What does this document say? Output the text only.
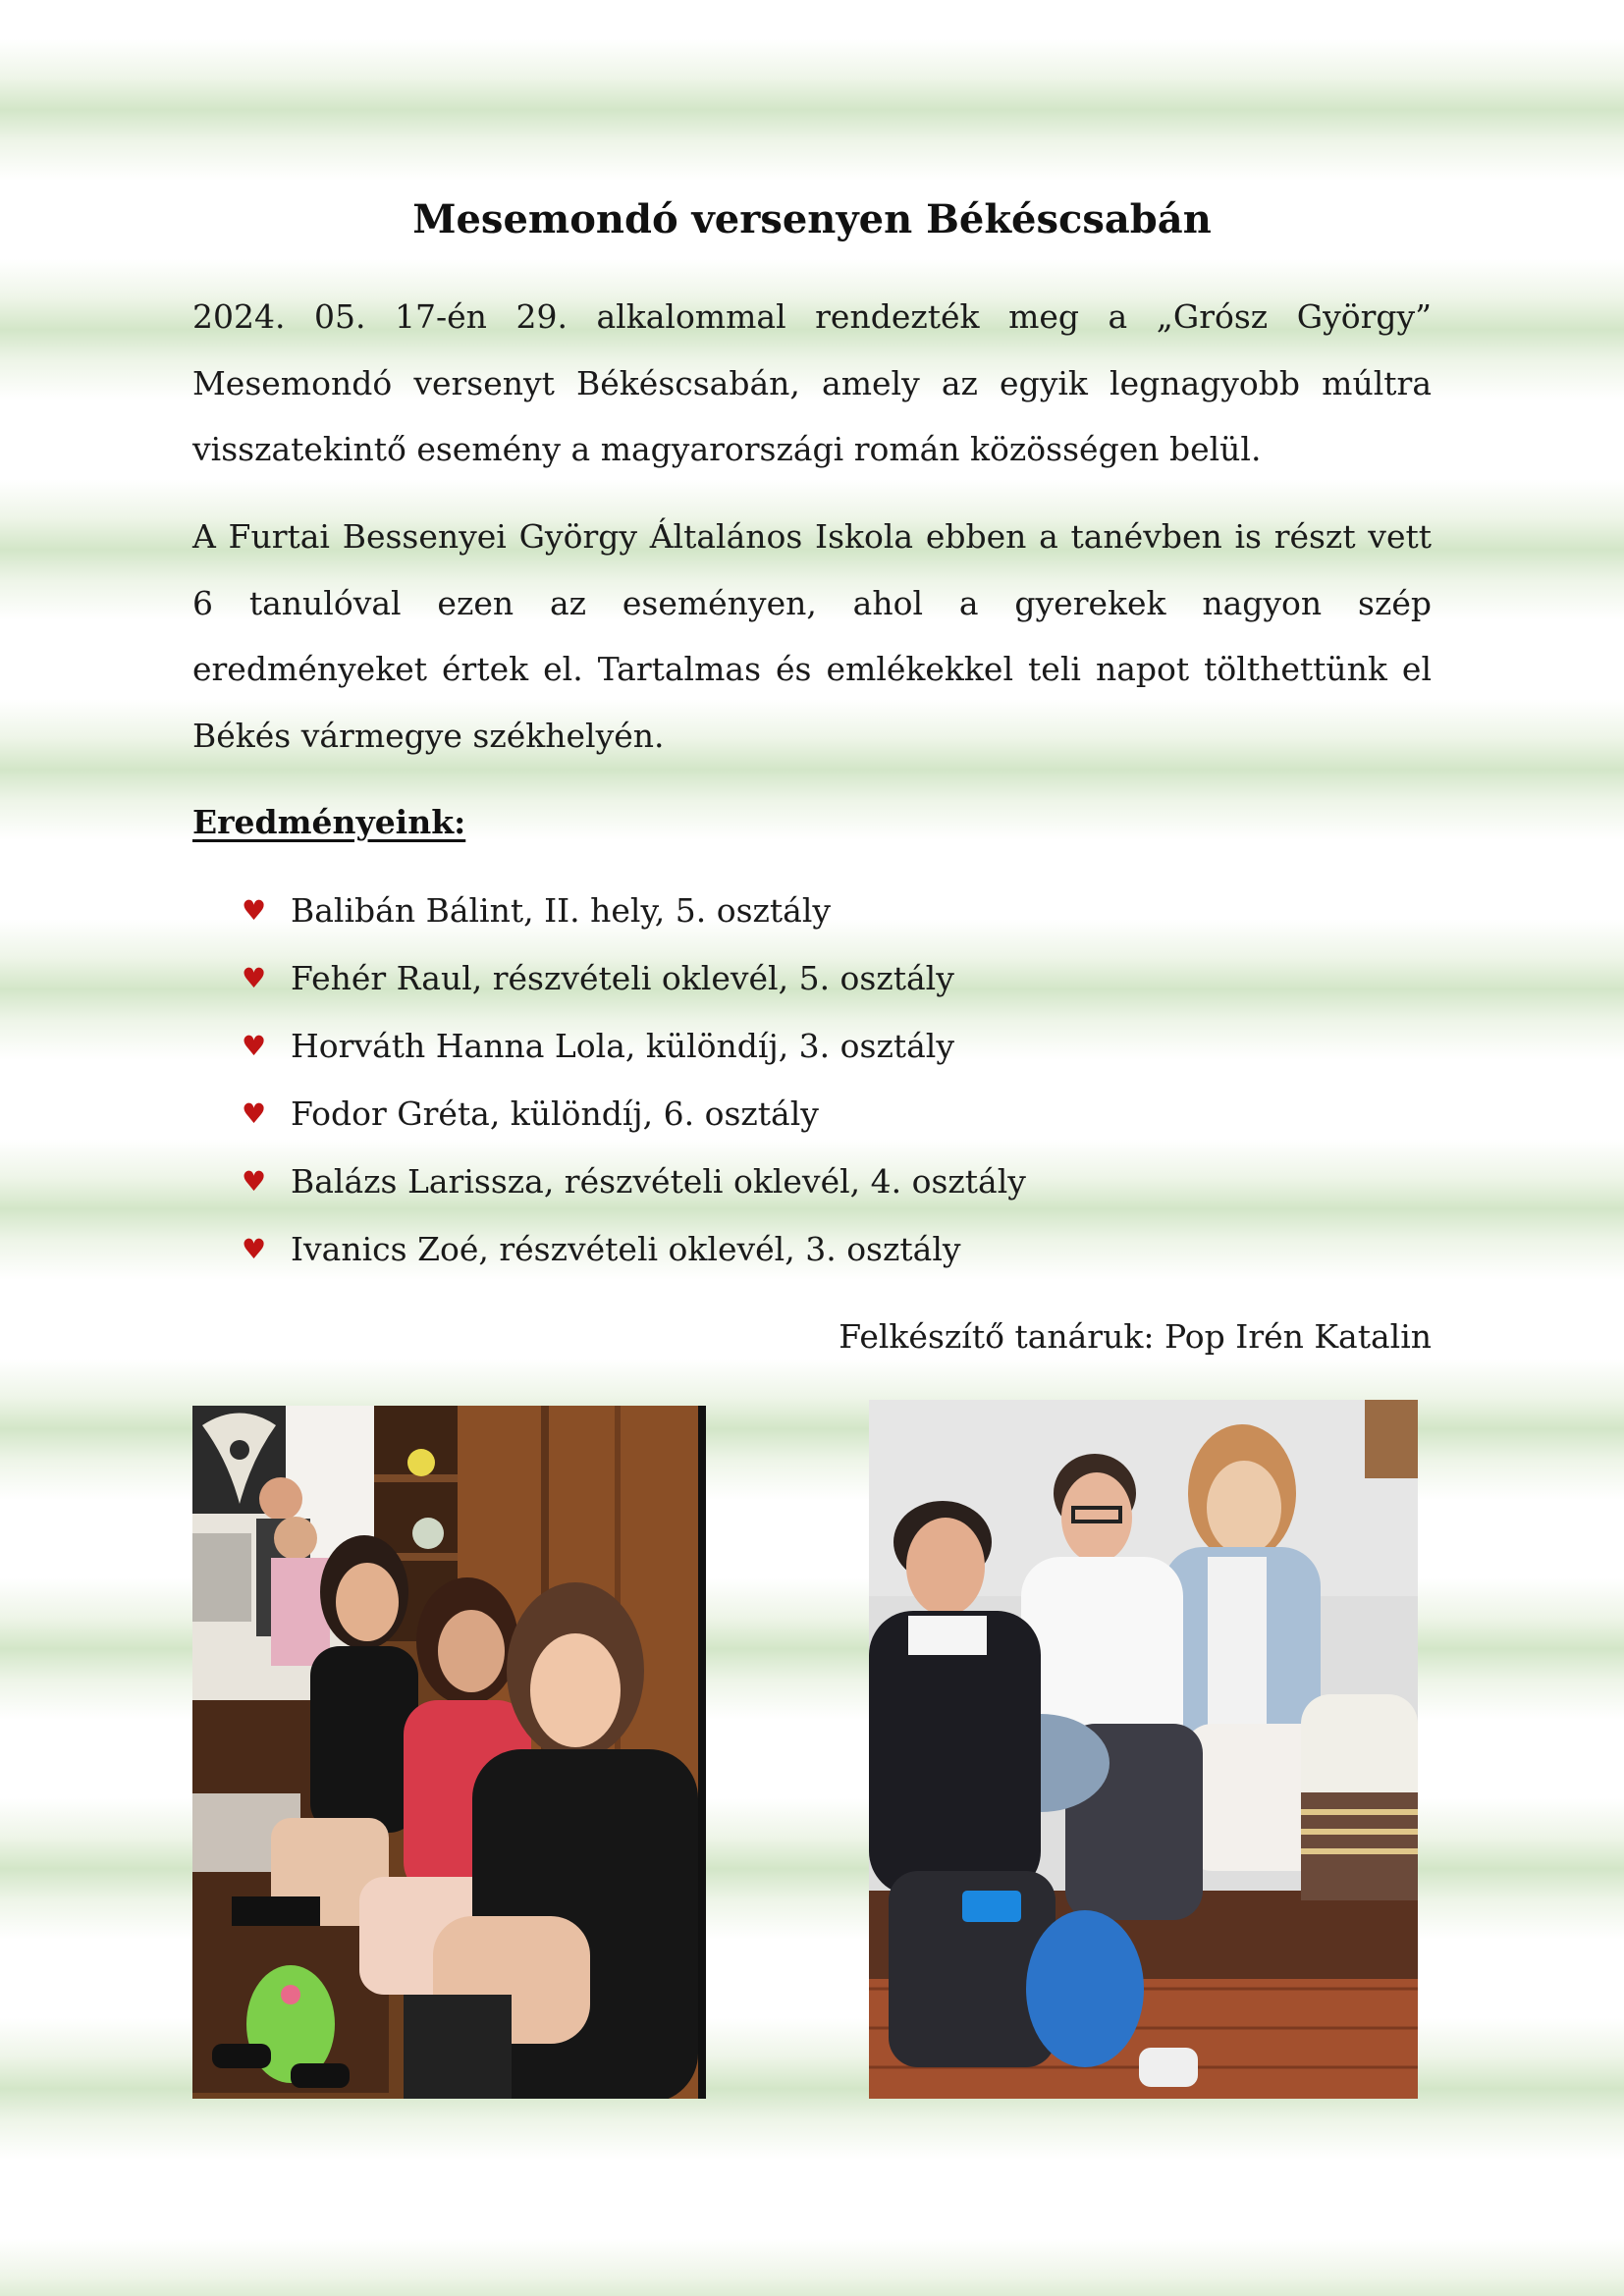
Mesemondó versenyen Békéscsabán

2024. 05. 17-én 29. alkalommal rendezték meg a „Grósz György” Mesemondó versenyt Békéscsabán, amely az egyik legnagyobb múltra visszatekintő esemény a magyarországi román közösségen belül.

A Furtai Bessenyei György Általános Iskola ebben a tanévben is részt vett 6 tanulóval ezen az eseményen, ahol a gyerekek nagyon szép eredményeket értek el. Tartalmas és emlékekkel teli napot tölthettünk el Békés vármegye székhelyén.

Eredményeink:

♥ Balibán Bálint, II. hely, 5. osztály
♥ Fehér Raul, részvételi oklevél, 5. osztály
♥ Horváth Hanna Lola, különdíj, 3. osztály
♥ Fodor Gréta, különdíj, 6. osztály
♥ Balázs Larissza, részvételi oklevél, 4. osztály
♥ Ivanics Zoé, részvételi oklevél, 3. osztály

Felkészítő tanáruk: Pop Irén Katalin
